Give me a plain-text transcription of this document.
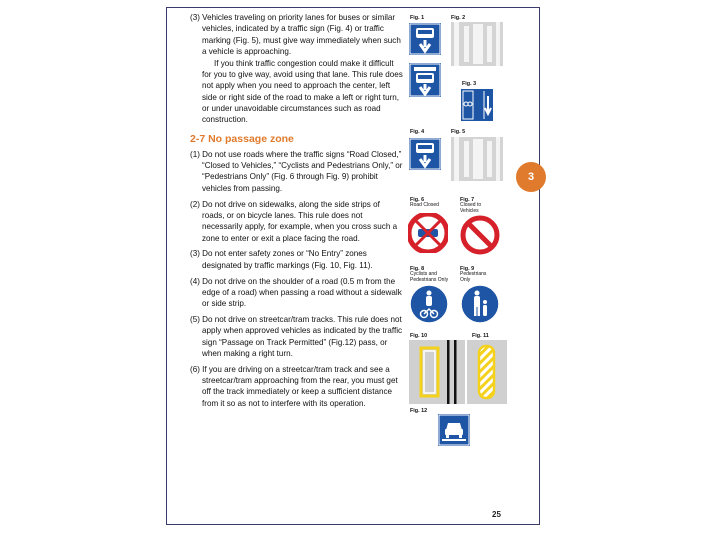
3

(3) Vehicles traveling on priority lanes for buses or similar vehicles, indicated by a traffic sign (Fig. 4) or traffic marking (Fig. 5), must give way immediately when such a vehicle is approaching.

If you think traffic congestion could make it difficult for you to give way, avoid using that lane. This rule does not apply when you need to approach the center, left side or right side of the road to make a left or right turn, or under unavoidable circumstances such as road construction.

2-7 No passage zone

(1) Do not use roads where the traffic signs “Road Closed,” “Closed to Vehicles,” “Cyclists and Pedestrians Only,” or “Pedestrians Only” (Fig. 6 through Fig. 9) prohibit vehicles from passing.

(2) Do not drive on sidewalks, along the side strips of roads, or on bicycle lanes. This rule does not necessarily apply, for example, when you cross such a zone to enter or exit a place facing the road.

(3) Do not enter safety zones or “No Entry” zones designated by traffic markings (Fig. 10, Fig. 11).

(4) Do not drive on the shoulder of a road (0.5 m from the edge of a road) when passing a road without a sidewalk or side strip.

(5) Do not drive on streetcar/tram tracks. This rule does not apply when approved vehicles as indicated by the traffic sign “Passage on Track Permitted” (Fig.12) pass, or when making a right turn.

(6) If you are driving on a streetcar/tram track and see a streetcar/tram approaching from the rear, you must get off the track immediately or keep a sufficient distance from it so as not to interfere with its operation.

Fig. 1	Fig. 2
Fig. 3
Fig. 4	Fig. 5
Fig. 6
Road Closed
Fig. 7
Closed to
Vehicles
Fig. 8
Cyclists and
Pedestrians Only
Fig. 9
Pedestrians
Only
Fig. 10	Fig. 11
Fig. 12
25
